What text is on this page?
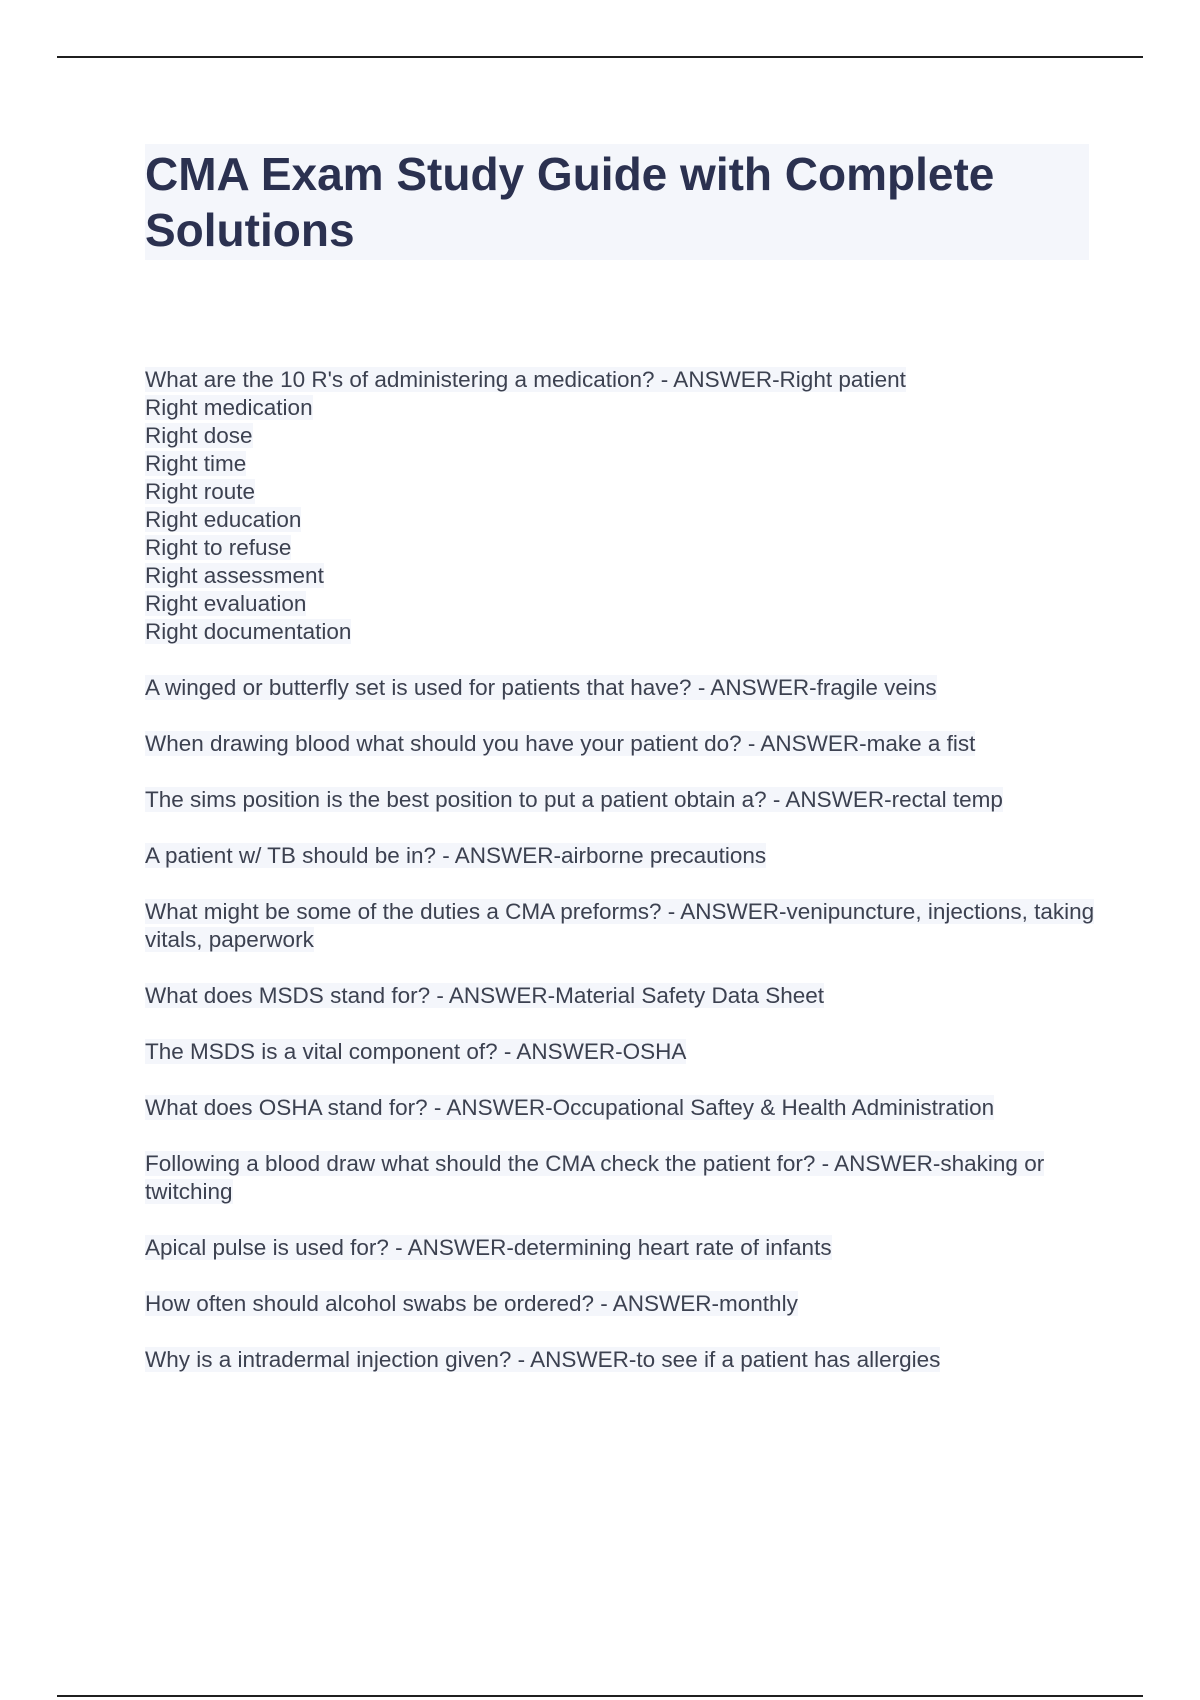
CMA Exam Study Guide with Complete Solutions
What are the 10 R's of administering a medication? - ANSWER-Right patient
Right medication
Right dose
Right time
Right route
Right education
Right to refuse
Right assessment
Right evaluation
Right documentation
A winged or butterfly set is used for patients that have? - ANSWER-fragile veins
When drawing blood what should you have your patient do? - ANSWER-make a fist
The sims position is the best position to put a patient obtain a? - ANSWER-rectal temp
A patient w/ TB should be in? - ANSWER-airborne precautions
What might be some of the duties a CMA preforms? - ANSWER-venipuncture, injections, taking vitals, paperwork
What does MSDS stand for? - ANSWER-Material Safety Data Sheet
The MSDS is a vital component of? - ANSWER-OSHA
What does OSHA stand for? - ANSWER-Occupational Saftey & Health Administration
Following a blood draw what should the CMA check the patient for? - ANSWER-shaking or twitching
Apical pulse is used for? - ANSWER-determining heart rate of infants
How often should alcohol swabs be ordered? - ANSWER-monthly
Why is a intradermal injection given? - ANSWER-to see if a patient has allergies
